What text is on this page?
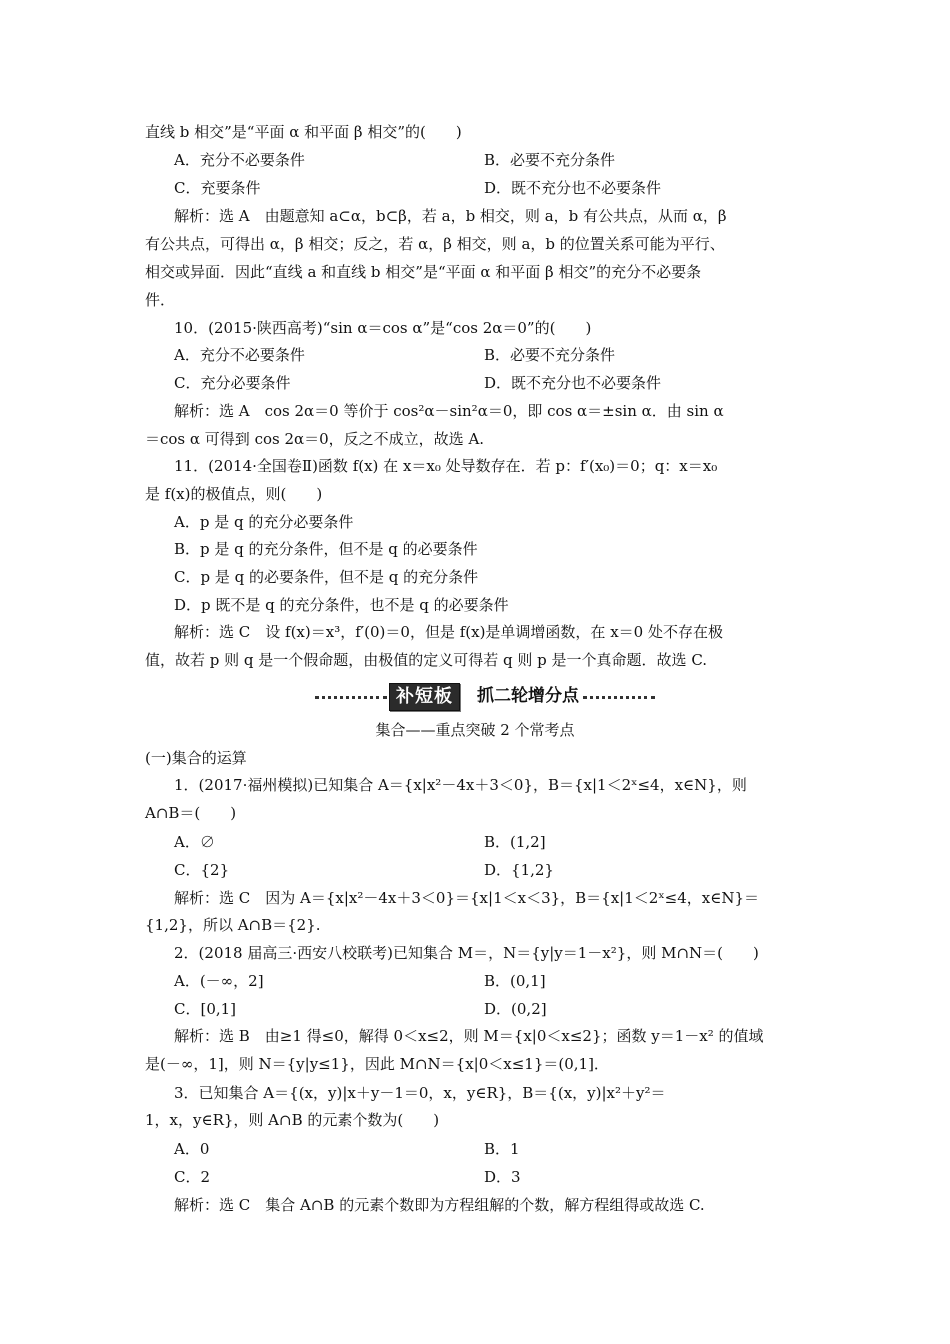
直线 b 相交”是“平面 α 和平面 β 相交”的(　　)
A．充分不必要条件	B．必要不充分条件
C．充要条件	D．既不充分也不必要条件
解析：选 A　由题意知 a⊂α，b⊂β，若 a，b 相交，则 a，b 有公共点，从而 α，β
有公共点，可得出 α，β 相交；反之，若 α，β 相交，则 a，b 的位置关系可能为平行、
相交或异面．因此“直线 a 和直线 b 相交”是“平面 α 和平面 β 相交”的充分不必要条
件．
10．(2015·陕西高考)“sin α＝cos α”是“cos 2α＝0”的(　　)
A．充分不必要条件	B．必要不充分条件
C．充分必要条件	D．既不充分也不必要条件
解析：选 A　cos 2α＝0 等价于 cos²α－sin²α＝0，即 cos α＝±sin α．由 sin α
＝cos α 可得到 cos 2α＝0，反之不成立，故选 A.
11．(2014·全国卷Ⅱ)函数 f(x) 在 x＝x₀ 处导数存在．若 p：f′(x₀)＝0；q：x＝x₀
是 f(x)的极值点，则(　　)
A．p 是 q 的充分必要条件
B．p 是 q 的充分条件，但不是 q 的必要条件
C．p 是 q 的必要条件，但不是 q 的充分条件
D．p 既不是 q 的充分条件，也不是 q 的必要条件
解析：选 C　设 f(x)＝x³，f′(0)＝0，但是 f(x)是单调增函数，在 x＝0 处不存在极
值，故若 p 则 q 是一个假命题，由极值的定义可得若 q 则 p 是一个真命题．故选 C.
补短板	抓二轮增分点
集合——重点突破 2 个常考点
(一)集合的运算
1．(2017·福州模拟)已知集合 A＝{x|x²－4x＋3＜0}，B＝{x|1＜2ˣ≤4，x∈N}，则
A∩B＝(　　)
A．∅	B．(1,2]
C．{2}	D．{1,2}
解析：选 C　因为 A＝{x|x²－4x＋3＜0}＝{x|1＜x＜3}，B＝{x|1＜2ˣ≤4，x∈N}＝
{1,2}，所以 A∩B＝{2}.
2．(2018 届高三·西安八校联考)已知集合 M＝，N＝{y|y＝1－x²}，则 M∩N＝(　　)
A．(－∞，2]	B．(0,1]
C．[0,1]	D．(0,2]
解析：选 B　由≥1 得≤0，解得 0＜x≤2，则 M＝{x|0＜x≤2}；函数 y＝1－x² 的值域
是(－∞，1]，则 N＝{y|y≤1}，因此 M∩N＝{x|0＜x≤1}＝(0,1]．
3．已知集合 A＝{(x，y)|x＋y－1＝0，x，y∈R}，B＝{(x，y)|x²＋y²＝
1，x，y∈R}，则 A∩B 的元素个数为(　　)
A．0	B．1
C．2	D．3
解析：选 C　集合 A∩B 的元素个数即为方程组解的个数，解方程组得或故选 C.
